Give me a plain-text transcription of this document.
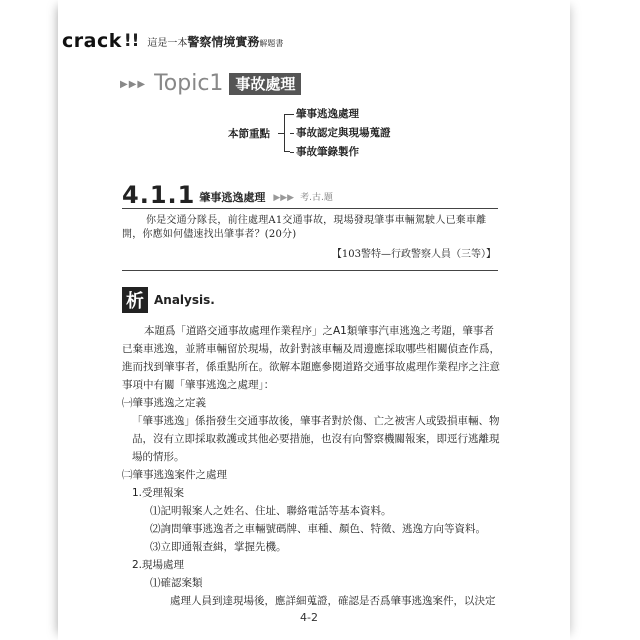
crack !! 這是一本警察情境實務解題書
▶▶▶ Topic1 事故處理
本節重點
肇事逃逸處理
事故認定與現場蒐證
事故筆錄製作
4.1.1 肇事逃逸處理 ▶▶▶ 考.古.題

你是交通分隊長，前往處理A1交通事故，現場發現肇事車輛駕駛人已棄車離開，你應如何儘速找出肇事者？(20分)

【103警特—行政警察人員（三等）】
析 Analysis.

本題爲「道路交通事故處理作業程序」之A1類肇事汽車逃逸之考題，肇事者已棄車逃逸，並將車輛留於現場，故針對該車輛及周邊應採取哪些相關偵查作爲，進而找到肇事者，係重點所在。欲解本題應參閱道路交通事故處理作業程序之注意事項中有關「肇事逃逸之處理」：

㈠肇事逃逸之定義

「肇事逃逸」係指發生交通事故後，肇事者對於傷、亡之被害人或毀損車輛、物品，沒有立即採取救護或其他必要措施，也沒有向警察機關報案，即逕行逃離現場的情形。

㈡肇事逃逸案件之處理

1.受理報案

⑴記明報案人之姓名、住址、聯絡電話等基本資料。

⑵詢問肇事逃逸者之車輛號碼牌、車種、顏色、特徵、逃逸方向等資料。

⑶立即通報查緝，掌握先機。

2.現場處理

⑴確認案類

處理人員到達現場後，應詳細蒐證，確認是否爲肇事逃逸案件，以決定

4-2
